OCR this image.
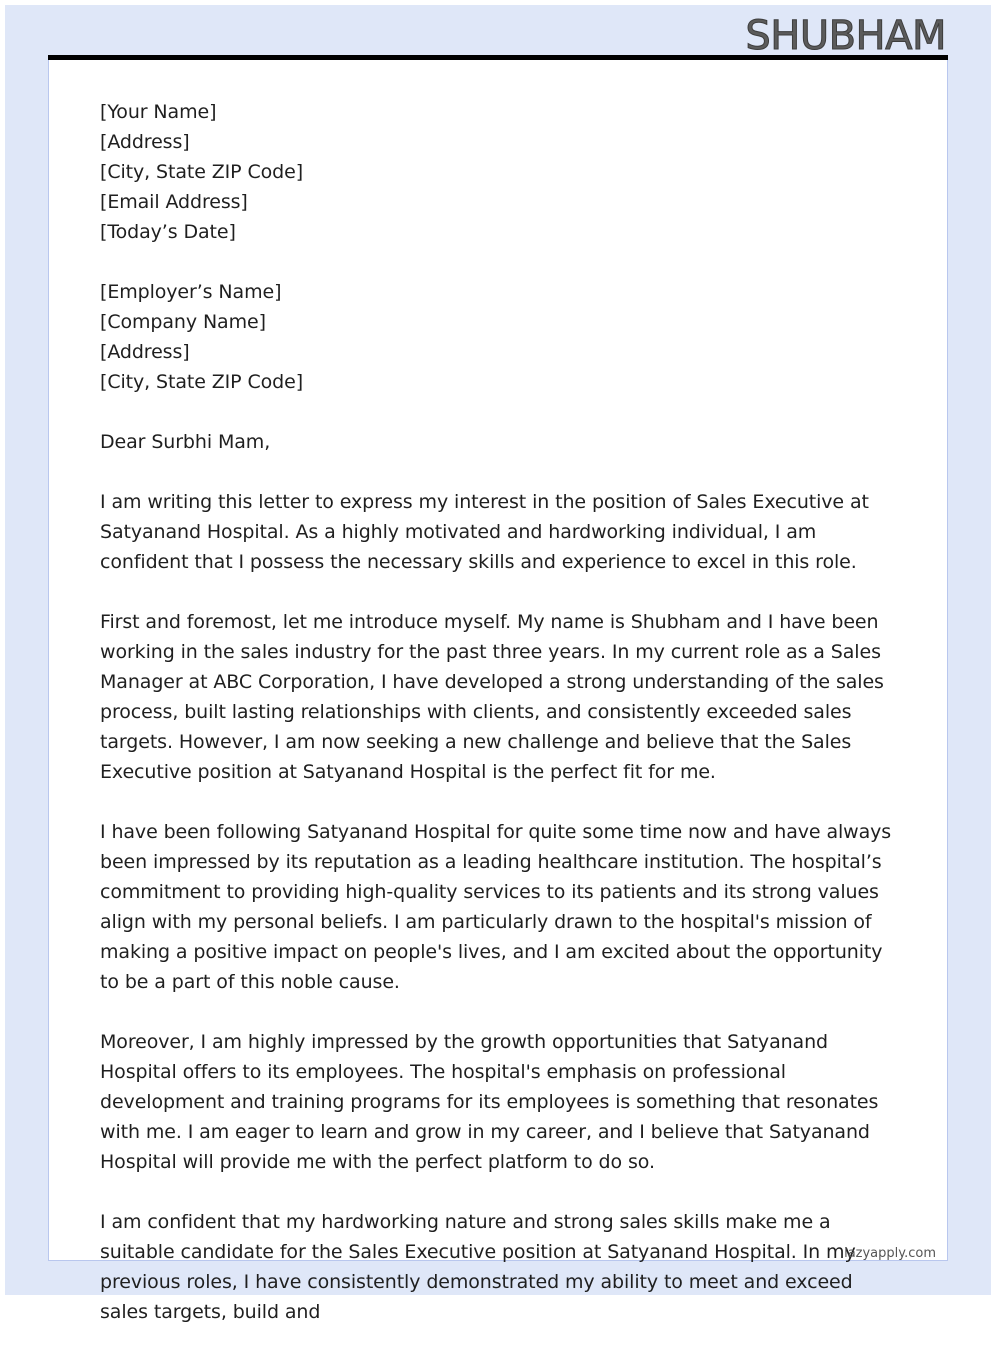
SHUBHAM
[Your Name]
[Address]
[City, State ZIP Code]
[Email Address]
[Today’s Date]
[Employer’s Name]
[Company Name]
[Address]
[City, State ZIP Code]
Dear Surbhi Mam,
I am writing this letter to express my interest in the position of Sales Executive at Satyanand Hospital. As a highly motivated and hardworking individual, I am confident that I possess the necessary skills and experience to excel in this role.
First and foremost, let me introduce myself. My name is Shubham and I have been working in the sales industry for the past three years. In my current role as a Sales Manager at ABC Corporation, I have developed a strong understanding of the sales process, built lasting relationships with clients, and consistently exceeded sales targets. However, I am now seeking a new challenge and believe that the Sales Executive position at Satyanand Hospital is the perfect fit for me.
I have been following Satyanand Hospital for quite some time now and have always been impressed by its reputation as a leading healthcare institution. The hospital’s commitment to providing high-quality services to its patients and its strong values align with my personal beliefs. I am particularly drawn to the hospital's mission of making a positive impact on people's lives, and I am excited about the opportunity to be a part of this noble cause.
Moreover, I am highly impressed by the growth opportunities that Satyanand Hospital offers to its employees. The hospital's emphasis on professional development and training programs for its employees is something that resonates with me. I am eager to learn and grow in my career, and I believe that Satyanand Hospital will provide me with the perfect platform to do so.
I am confident that my hardworking nature and strong sales skills make me a suitable candidate for the Sales Executive position at Satyanand Hospital. In my previous roles, I have consistently demonstrated my ability to meet and exceed sales targets, build and
lazyapply.com
